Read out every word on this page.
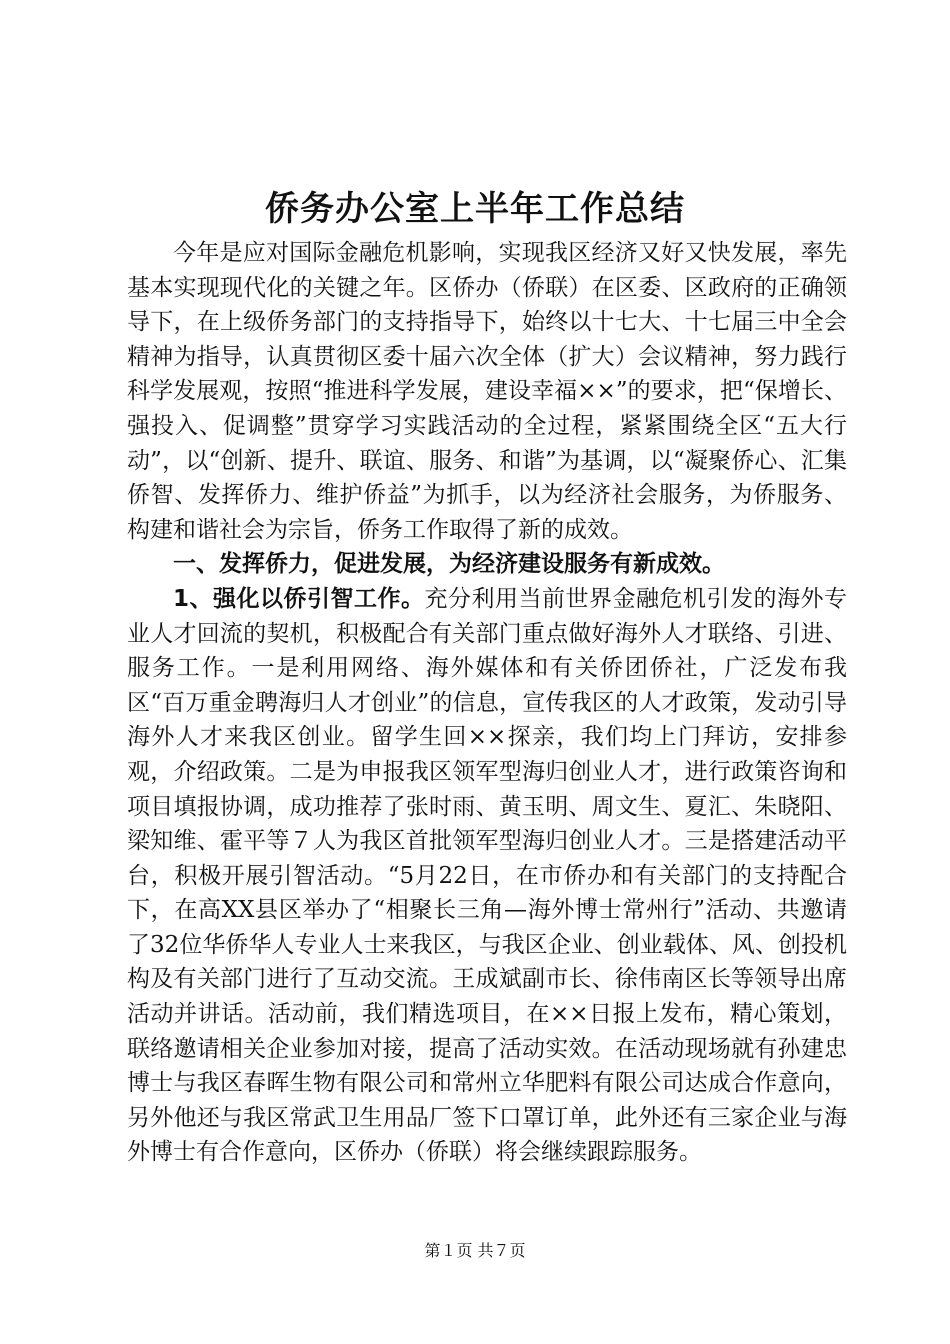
侨务办公室上半年工作总结

今年是应对国际金融危机影响，实现我区经济又好又快发展，率先基本实现现代化的关键之年。区侨办（侨联）在区委、区政府的正确领导下，在上级侨务部门的支持指导下，始终以十七大、十七届三中全会精神为指导，认真贯彻区委十届六次全体（扩大）会议精神，努力践行科学发展观，按照“推进科学发展，建设幸福××”的要求，把“保增长、强投入、促调整”贯穿学习实践活动的全过程，紧紧围绕全区“五大行动”，以“创新、提升、联谊、服务、和谐”为基调，以“凝聚侨心、汇集侨智、发挥侨力、维护侨益”为抓手，以为经济社会服务，为侨服务、构建和谐社会为宗旨，侨务工作取得了新的成效。

一、发挥侨力，促进发展，为经济建设服务有新成效。

1、强化以侨引智工作。充分利用当前世界金融危机引发的海外专业人才回流的契机，积极配合有关部门重点做好海外人才联络、引进、服务工作。一是利用网络、海外媒体和有关侨团侨社，广泛发布我区“百万重金聘海归人才创业”的信息，宣传我区的人才政策，发动引导海外人才来我区创业。留学生回××探亲，我们均上门拜访，安排参观，介绍政策。二是为申报我区领军型海归创业人才，进行政策咨询和项目填报协调，成功推荐了张时雨、黄玉明、周文生、夏汇、朱晓阳、梁知维、霍平等７人为我区首批领军型海归创业人才。三是搭建活动平台，积极开展引智活动。“5月22日，在市侨办和有关部门的支持配合下，在高XX县区举办了“相聚长三角—海外博士常州行”活动、共邀请了32位华侨华人专业人士来我区，与我区企业、创业载体、风、创投机构及有关部门进行了互动交流。王成斌副市长、徐伟南区长等领导出席活动并讲话。活动前，我们精选项目，在××日报上发布，精心策划，联络邀请相关企业参加对接，提高了活动实效。在活动现场就有孙建忠博士与我区春晖生物有限公司和常州立华肥料有限公司达成合作意向，另外他还与我区常武卫生用品厂签下口罩订单，此外还有三家企业与海外博士有合作意向，区侨办（侨联）将会继续跟踪服务。

第１页 共７页
